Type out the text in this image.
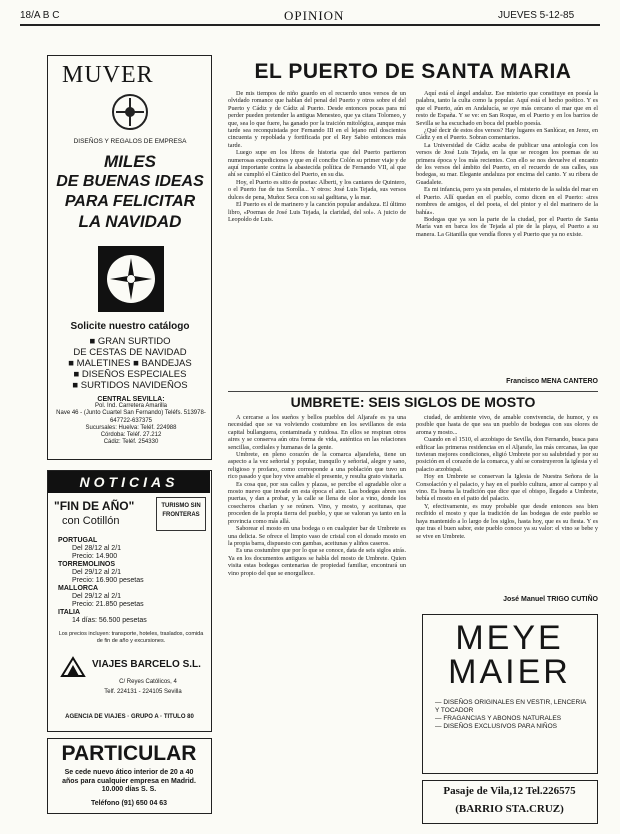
18/A B C	OPINION	JUEVES 5-12-85
MUVER
DISEÑOS Y REGALOS DE EMPRESA
MILES
DE BUENAS IDEAS
PARA FELICITAR
LA NAVIDAD
Solicite nuestro catálogo
■ GRAN SURTIDO
DE CESTAS DE NAVIDAD
■ MALETINES ■ BANDEJAS
■ DISEÑOS ESPECIALES
■ SURTIDOS NAVIDEÑOS
CENTRAL SEVILLA:
Pol. Ind. Carretera Amarilla
Nave 46 - (Junto Cuartel San Fernando) Teléfs. 513978-647722-637375
Sucursales: Huelva: Teléf. 224988
Córdoba: Teléf. 27.212
Cádiz: Teléf. 254330
NOTICIAS
"FIN DE AÑO"
con Cotillón
TURISMO SIN FRONTERAS
PORTUGAL
Del 28/12 al 2/1
Precio: 14.900
TORREMOLINOS
Del 29/12 al 2/1
Precio: 16.900 pesetas
MALLORCA
Del 29/12 al 2/1
Precio: 21.850 pesetas
ITALIA
14 días: 56.500 pesetas
Los precios incluyen: transporte, hoteles, traslados, comida de fin de año y excursiones.
VIAJES BARCELO S.L.
C/ Reyes Católicos, 4
Telf. 224131 - 224105 Sevilla
AGENCIA DE VIAJES · GRUPO A · TITULO 80
PARTICULAR
Se cede nuevo ático interior de 20 a 40 años para cualquier empresa en Madrid. 10.000 días S. S.
Teléfono (91) 650 04 63
EL PUERTO DE SANTA MARIA

De mis tiempos de niño guardo en el recuerdo unos versos de un olvidado romance que hablan del penal del Puerto y otros sobre el del Puerto y Cádiz y de Cádiz al Puerto. Desde entonces pocas para mí perder pueden pretender la antigua Menesteo, que ya citara Tolomeo, y que, sea lo que fuere, ha ganado por la traición mitológica, aunque más tarde sea reconquistada por Fernando III en el lejano mil doscientos cincuenta y repoblada y fortificada por el Rey Sabio entonces más tarde.

Luego supe en los libros de historia que del Puerto partieron numerosas expediciones y que en él concibe Colón su primer viaje y de aquí importante contra la abastecida política de Fernando VII, al que ahí se cumplió el Cántico del Puerto, en su dia.

Hoy, el Puerto es sitio de poetas: Alberti, y los cantares de Quintero, o el Puerto fue de tus Sorolla... Y otros: José Luis Tejada, sus versos dulces de pena, Muñoz Seca con su sal gaditana, y la mar.

El Puerto es el de marinero y la canción popular andaluza. El último libro, «Poemas de José Luis Tejada, la claridad, del sol». A juicio de Leopoldo de Luis.

Aquí está el ángel andaluz. Ese misterio que constituye en poesía la palabra, tanto la culta como la popular. Aquí está el hecho poético. Y es que el Puerto, aún en Andalucía, se oye más cercano el mar que en el resto de España. Y se ve: en San Roque, en el Puerto y en los barrios de Sevilla se ha escuchado en boca del pueblo poesía.

¿Qué decir de estos dos versos? Hay lugares en Sanlúcar, en Jerez, en Cádiz y en el Puerto. Sobran comentarios.

La Universidad de Cádiz acaba de publicar una antología con los versos de José Luis Tejada, en la que se recogen los poemas de su primera época y los más recientes. Con ello se nos devuelve el encanto de los versos del ámbito del Puerto, en el recuerdo de sus calles, sus bodegas, su mar. Elegante andaluza por encima del canto. Y su ribera de Guadalete.

Es mi infancia, pero ya sin penales, el misterio de la salida del mar en el Puerto. Allí quedan en el pueblo, como dicen en el Puerto: «tres nombres de amigos, el del poeta, el del pintor y el del marinero de la bahía».

Bodegas que ya son la parte de la ciudad, por el Puerto de Santa María van en barca los de Tejada al pie de la playa, el Puerto a su manera. La Gitanilla que vendía flores y el Puerto que ya no existe.

Francisco MENA CANTERO
UMBRETE: SEIS SIGLOS DE MOSTO

A cercarse a los sueños y bellos pueblos del Aljarafe es ya una necesidad que se va volviendo costumbre en los sevillanos de esta capital bullanguera, contaminada y ruidosa. En ellos se respiran otros aires y se conserva aún otra forma de vida, auténtica en las relaciones sencillas, cordiales y humanas de la gente.

Umbrete, en pleno corazón de la comarca aljarafeña, tiene un aspecto a la vez señorial y popular, tranquilo y señorial, alegre y sano, religioso y profano, como corresponde a una población que tuvo un rico pasado y que hoy vive amable el presente, y resulta grato visitarla.

Es cosa que, por sus calles y plazas, se percibe el agradable olor a mosto nuevo que invade en esta época el aire. Las bodegas abren sus puertas, y dan a probar, y la calle se llena de olor a vino, donde los cosecheros charlan y se reúnen. Vino, y mosto, y aceitunas, que proceden de la propia tierra del pueblo, y que se valoran ya tanto en la provincia como más allá.

Saborear el mosto en una bodega o en cualquier bar de Umbrete es una delicia. Se ofrece el limpio vaso de cristal con el dorado mosto en la propia barra, dispuesto con gambas, aceitunas y aliños caseros.

Es una costumbre que por lo que se conoce, data de seis siglos atrás. Ya en los documentos antiguos se habla del mosto de Umbrete. Quien visita estas bodegas centenarias de propiedad familiar, encontrará un vino propio del que se enorgullece.

ciudad, de ambiente vivo, de amable convivencia, de humor, y es posible que hasta de que sea un pueblo de bodegas con sus olores de aroma y mosto...

Cuando en el 1510, el arzobispo de Sevilla, don Fernando, busca para edificar las primeras residencias en el Aljarafe, las más cercanas, las que tuvieran mejores condiciones, eligió Umbrete por su salubridad y por su posición en el corazón de la comarca, y ahí se construyeron la iglesia y el palacio arzobispal.

Hoy en Umbrete se conservan la Iglesia de Nuestra Señora de la Consolación y el palacio, y hay en el pueblo cultura, amor al campo y al vino. Es buena la tradición que dice que el obispo, llegado a Umbrete, bebía el mosto en el patio del palacio.

Y, efectivamente, es muy probable que desde entonces sea bien recibido el mosto y que la tradición de las bodegas de este pueblo se haya mantenido a lo largo de los siglos, hasta hoy, que es su fiesta. Y es que tras el buen sabor, este pueblo conoce ya su valor: el vino se bebe y se vive en Umbrete.

José Manuel TRIGO CUTIÑO
MEYE
MAIER
— DISEÑOS ORIGINALES EN VESTIR, LENCERIA Y TOCADOR
— FRAGANCIAS Y ABONOS NATURALES
— DISEÑOS EXCLUSIVOS PARA NIÑOS
Pasaje de Vila,12 Tel.226575
(BARRIO STA.CRUZ)
